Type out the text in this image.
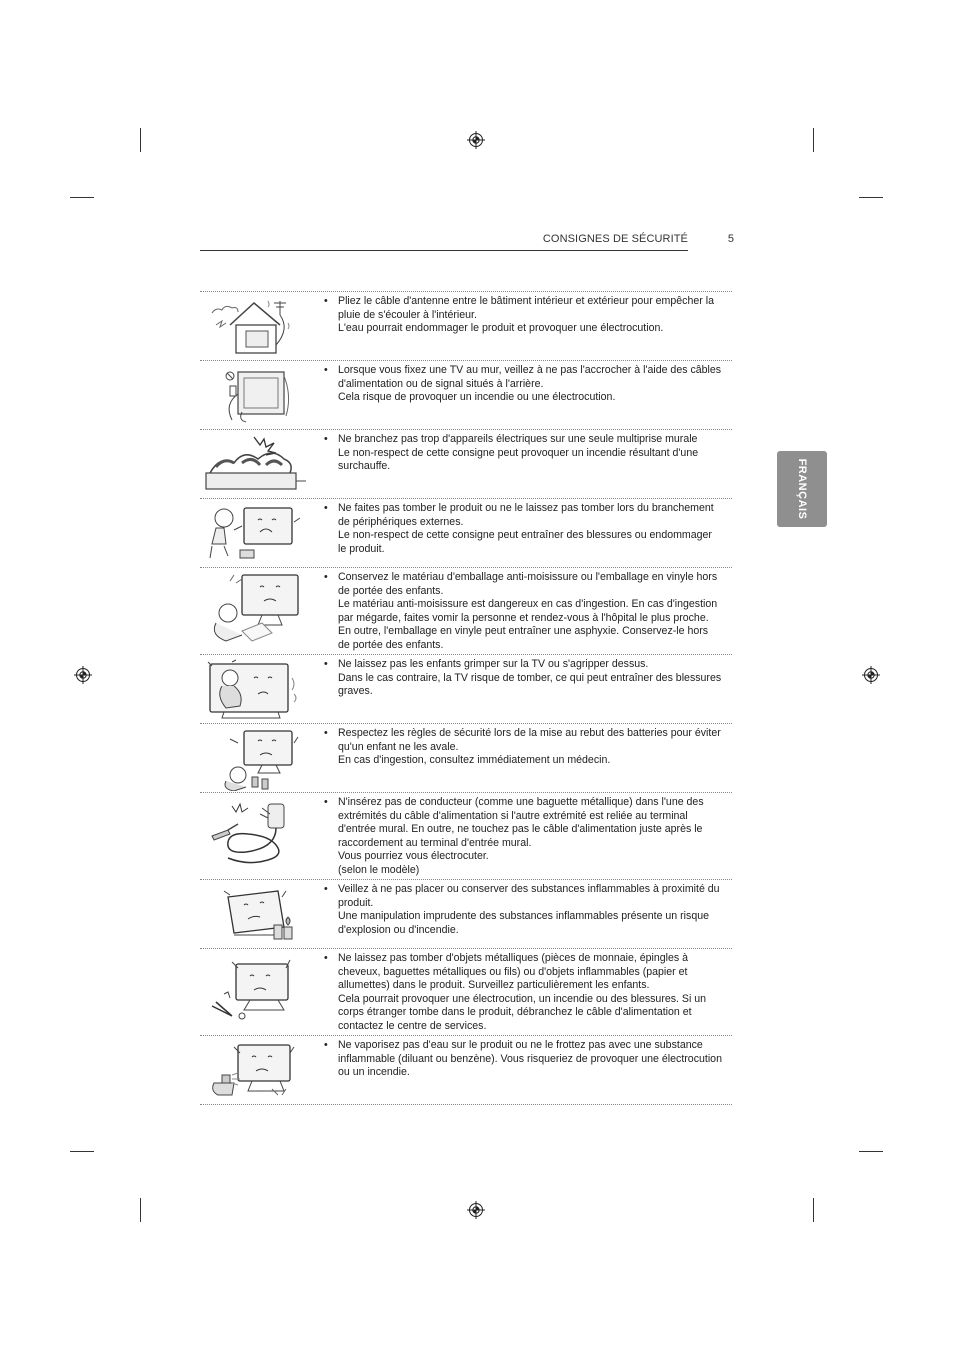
CONSIGNES DE SÉCURITÉ	5
FRANÇAIS
• Pliez le câble d'antenne entre le bâtiment intérieur et extérieur pour empêcher la pluie de s'écouler à l'intérieur.

L'eau pourrait endommager le produit et provoquer une électrocution.

• Lorsque vous fixez une TV au mur, veillez à ne pas l'accrocher à l'aide des câbles d'alimentation ou de signal situés à l'arrière.

Cela risque de provoquer un incendie ou une électrocution.

• Ne branchez pas trop d'appareils électriques sur une seule multiprise murale

Le non-respect de cette consigne peut provoquer un incendie résultant d'une surchauffe.

• Ne faites pas tomber le produit ou ne le laissez pas tomber lors du branchement de périphériques externes.

Le non-respect de cette consigne peut entraîner des blessures ou endommager le produit.

• Conservez le matériau d'emballage anti-moisissure ou l'emballage en vinyle hors de portée des enfants.

Le matériau anti-moisissure est dangereux en cas d'ingestion. En cas d'ingestion par mégarde, faites vomir la personne et rendez-vous à l'hôpital le plus proche. En outre, l'emballage en vinyle peut entraîner une asphyxie. Conservez-le hors de portée des enfants.

• Ne laissez pas les enfants grimper sur la TV ou s'agripper dessus.

Dans le cas contraire, la TV risque de tomber, ce qui peut entraîner des blessures graves.

• Respectez les règles de sécurité lors de la mise au rebut des batteries pour éviter qu'un enfant ne les avale.

En cas d'ingestion, consultez immédiatement un médecin.

• N'insérez pas de conducteur (comme une baguette métallique) dans l'une des extrémités du câble d'alimentation si l'autre extrémité est reliée au terminal d'entrée mural. En outre, ne touchez pas le câble d'alimentation juste après le raccordement au terminal d'entrée mural.

Vous pourriez vous électrocuter.

(selon le modèle)

• Veillez à ne pas placer ou conserver des substances inflammables à proximité du produit.

Une manipulation imprudente des substances inflammables présente un risque d'explosion ou d'incendie.

• Ne laissez pas tomber d'objets métalliques (pièces de monnaie, épingles à cheveux, baguettes métalliques ou fils) ou d'objets inflammables (papier et allumettes) dans le produit. Surveillez particulièrement les enfants.

Cela pourrait provoquer une électrocution, un incendie ou des blessures. Si un corps étranger tombe dans le produit, débranchez le câble d'alimentation et contactez le centre de services.

• Ne vaporisez pas d'eau sur le produit ou ne le frottez pas avec une substance inflammable (diluant ou benzène). Vous risqueriez de provoquer une électrocution ou un incendie.
